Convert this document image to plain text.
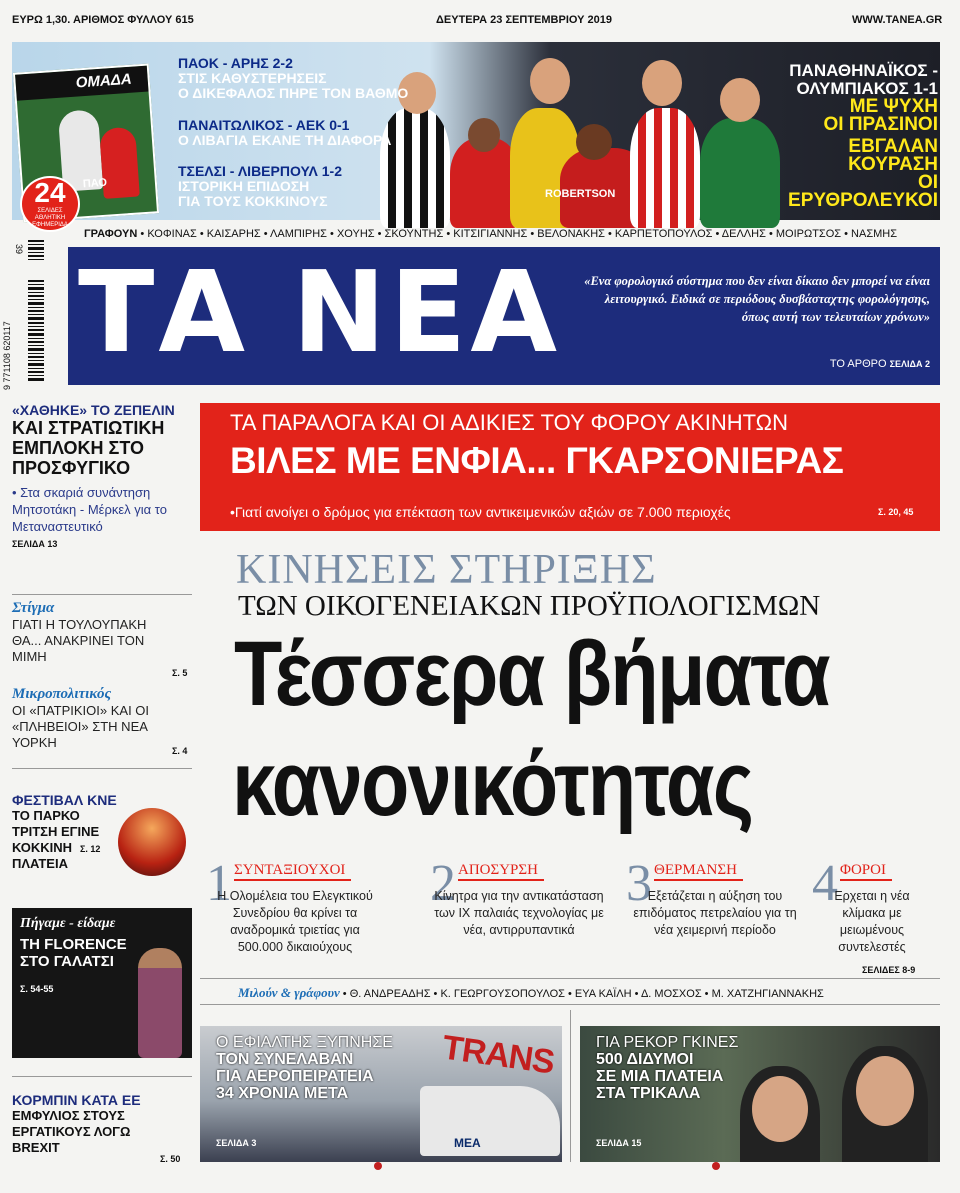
ΕΥΡΩ 1,30. ΑΡΙΘΜΟΣ ΦΥΛΛΟΥ 615	ΔΕΥΤΕΡΑ 23 ΣΕΠΤΕΜΒΡΙΟΥ 2019	WWW.TANEA.GR
ROBERTSON
ΟΜΑΔΑ
ΠΑΟ
24
ΣΕΛΙΔΕΣ ΑΘΛΗΤΙΚΗ ΕΦΗΜΕΡΙΔΑ
ΠΑΟΚ - ΑΡΗΣ 2-2
ΣΤΙΣ ΚΑΘΥΣΤΕΡΗΣΕΙΣ
Ο ΔΙΚΕΦΑΛΟΣ ΠΗΡΕ ΤΟΝ ΒΑΘΜΟ
ΠΑΝΑΙΤΩΛΙΚΟΣ - ΑΕΚ 0-1
Ο ΛΙΒΑΓΙΑ ΕΚΑΝΕ ΤΗ ΔΙΑΦΟΡΑ
ΤΣΕΛΣΙ - ΛΙΒΕΡΠΟΥΛ 1-2
ΙΣΤΟΡΙΚΗ ΕΠΙΔΟΣΗ
ΓΙΑ ΤΟΥΣ ΚΟΚΚΙΝΟΥΣ
ΠΑΝΑΘΗΝΑΪΚΟΣ -
ΟΛΥΜΠΙΑΚΟΣ 1-1
ΜΕ ΨΥΧΗ
ΟΙ ΠΡΑΣΙΝΟΙ
ΕΒΓΑΛΑΝ ΚΟΥΡΑΣΗ
ΟΙ ΕΡΥΘΡΟΛΕΥΚΟΙ
ΓΡΑΦΟΥΝ • ΚΟΦΙΝΑΣ • ΚΑΙΣΑΡΗΣ • ΛΑΜΠΙΡΗΣ • ΧΟΥΗΣ • ΣΚΟΥΝΤΗΣ • ΚΙΤΣΙΓΙΑΝΝΗΣ • ΒΕΛΟΝΑΚΗΣ • ΚΑΡΠΕΤΟΠΟΥΛΟΣ • ΔΕΛΛΗΣ • ΜΟΙΡΩΤΣΟΣ • ΝΑΣΜΗΣ
9 771108 620117
39 ΤΑ ΝΕΑ	«Ενα φορολογικό σύστημα που δεν είναι δίκαιο δεν μπορεί να είναι λειτουργικό. Ειδικά σε περιόδους δυσβάσταχτης φορολόγησης, όπως αυτή των τελευταίων χρόνων»
ΤΟ ΑΡΘΡΟ ΣΕΛΙΔΑ 2
«ΧΑΘΗΚΕ» ΤΟ ΖΕΠΕΛΙΝ
ΚΑΙ ΣΤΡΑΤΙΩΤΙΚΗ ΕΜΠΛΟΚΗ ΣΤΟ ΠΡΟΣΦΥΓΙΚΟ
• Στα σκαριά συνάντηση Μητσοτάκη - Μέρκελ για το Μεταναστευτικό
ΣΕΛΙΔΑ 13
Στίγμα
ΓΙΑΤΙ Η ΤΟΥΛΟΥΠΑΚΗ ΘΑ... ΑΝΑΚΡΙΝΕΙ ΤΟΝ ΜΙΜΗ
Σ. 5
Μικροπολιτικός
ΟΙ «ΠΑΤΡΙΚΙΟΙ» ΚΑΙ ΟΙ «ΠΛΗΒΕΙΟΙ» ΣΤΗ ΝΕΑ ΥΟΡΚΗ
Σ. 4
ΦΕΣΤΙΒΑΛ ΚΝΕ
ΤΟ ΠΑΡΚΟ ΤΡΙΤΣΗ ΕΓΙΝΕ ΚΟΚΚΙΝΗ ΠΛΑΤΕΙΑ
Σ. 12
Πήγαμε - είδαμε
ΤΗ FLORENCE ΣΤΟ ΓΑΛΑΤΣΙ
Σ. 54-55
ΚΟΡΜΠΙΝ ΚΑΤΑ ΕΕ
ΕΜΦΥΛΙΟΣ ΣΤΟΥΣ ΕΡΓΑΤΙΚΟΥΣ ΛΟΓΩ BREXIT
Σ. 50
ΤΑ ΠΑΡΑΛΟΓΑ ΚΑΙ ΟΙ ΑΔΙΚΙΕΣ ΤΟΥ ΦΟΡΟΥ ΑΚΙΝΗΤΩΝ
ΒΙΛΕΣ ΜΕ ΕΝΦΙΑ... ΓΚΑΡΣΟΝΙΕΡΑΣ
•Γιατί ανοίγει ο δρόμος για επέκταση των αντικειμενικών αξιών σε 7.000 περιοχές	Σ. 20, 45
ΚΙΝΗΣΕΙΣ ΣΤΗΡΙΞΗΣ
ΤΩΝ ΟΙΚΟΓΕΝΕΙΑΚΩΝ ΠΡΟΫΠΟΛΟΓΙΣΜΩΝ
Τέσσερα βήματα
κανονικότητας
1 ΣΥΝΤΑΞΙΟΥΧΟΙ
Η Ολομέλεια του Ελεγκτικού Συνεδρίου θα κρίνει τα αναδρομικά τριετίας για 500.000 δικαιούχους
2 ΑΠΟΣΥΡΣΗ
Κίνητρα για την αντικατάσταση των ΙΧ παλαιάς τεχνολογίας με νέα, αντιρρυπαντικά
3 ΘΕΡΜΑΝΣΗ
Εξετάζεται η αύξηση του επιδόματος πετρελαίου για τη νέα χειμερινή περίοδο
4 ΦΟΡΟΙ
Ερχεται η νέα κλίμακα με μειωμένους συντελεστές
ΣΕΛΙΔΕΣ 8-9
Μιλούν & γράφουν • Θ. ΑΝΔΡΕΑΔΗΣ • Κ. ΓΕΩΡΓΟΥΣΟΠΟΥΛΟΣ • ΕΥΑ ΚΑΪΛΗ • Δ. ΜΟΣΧΟΣ • Μ. ΧΑΤΖΗΓΙΑΝΝΑΚΗΣ
TRANS
MEA
Ο ΕΦΙΑΛΤΗΣ ΞΥΠΝΗΣΕ
ΤΟΝ ΣΥΝΕΛΑΒΑΝ
ΓΙΑ ΑΕΡΟΠΕΙΡΑΤΕΙΑ
34 ΧΡΟΝΙΑ ΜΕΤΑ
ΣΕΛΙΔΑ 3
ΓΙΑ ΡΕΚΟΡ ΓΚΙΝΕΣ
500 ΔΙΔΥΜΟΙ
ΣΕ ΜΙΑ ΠΛΑΤΕΙΑ
ΣΤΑ ΤΡΙΚΑΛΑ
ΣΕΛΙΔΑ 15
